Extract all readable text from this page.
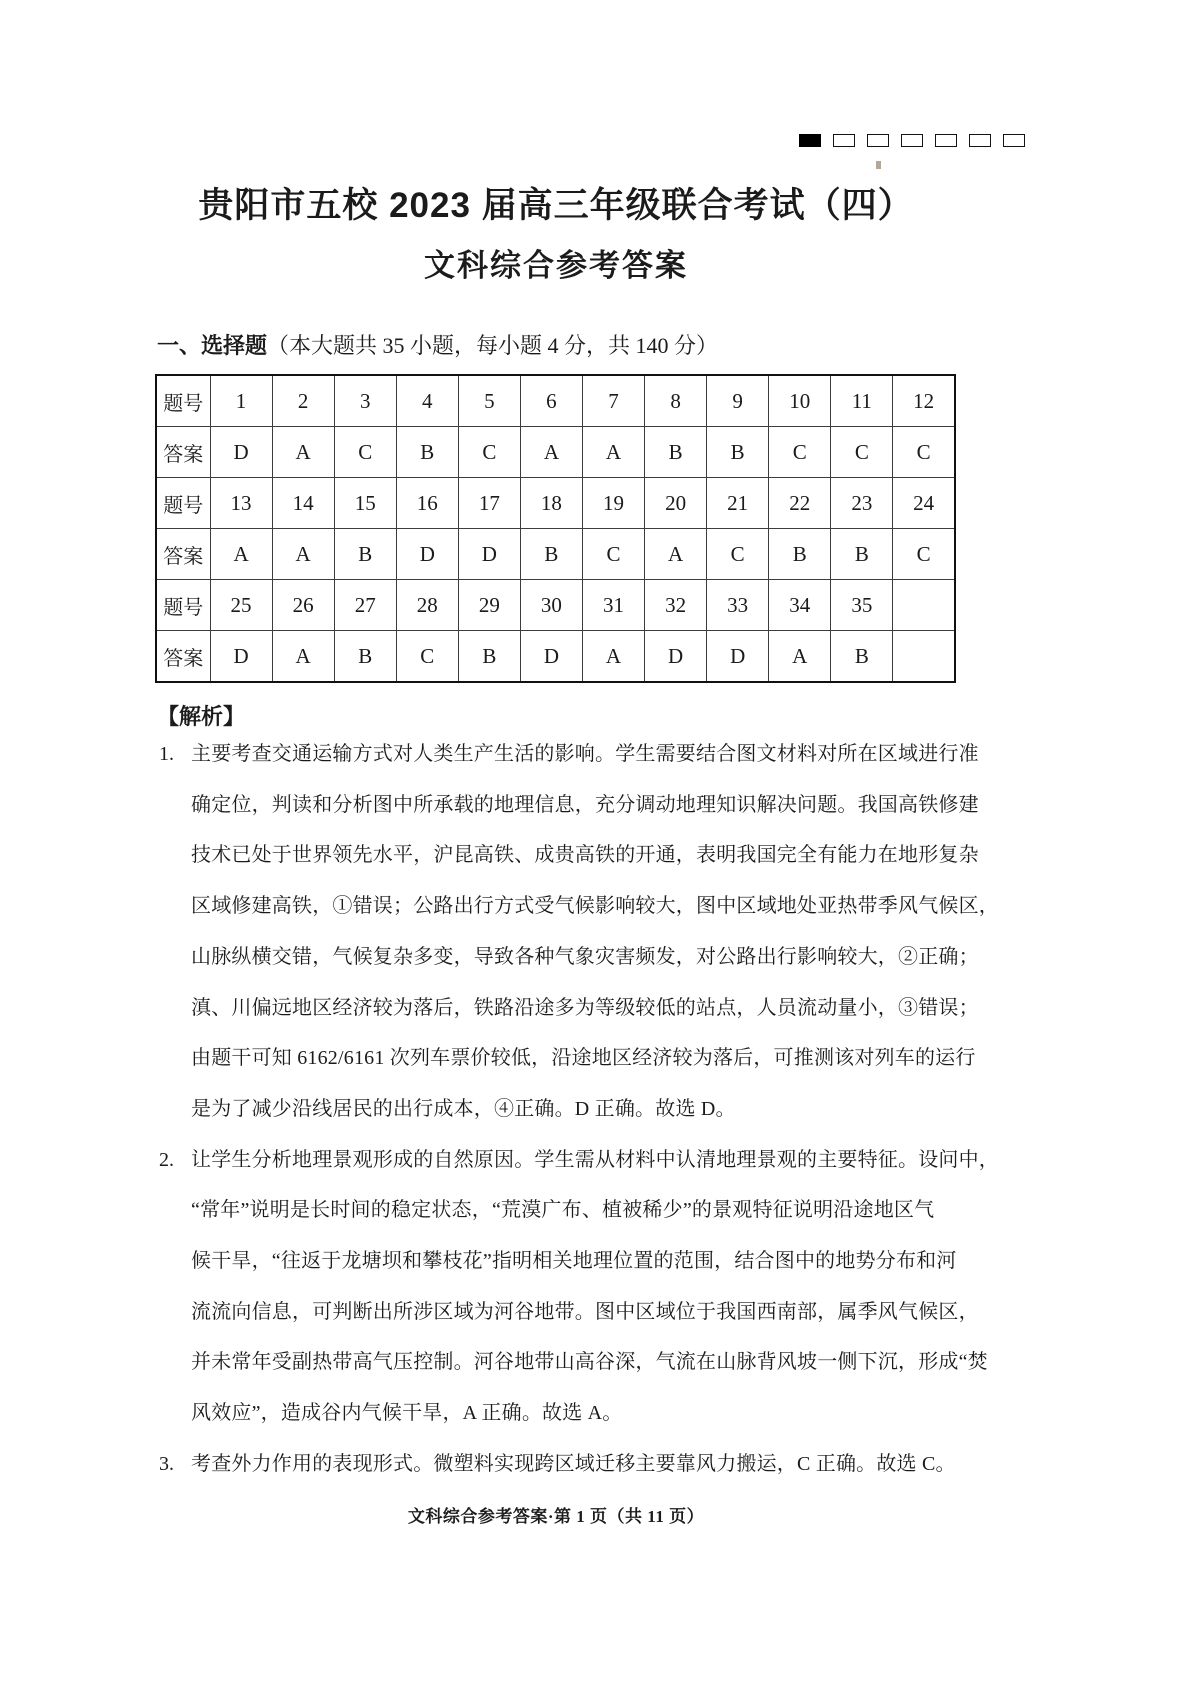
贵阳市五校 2023 届高三年级联合考试（四）
文科综合参考答案
一、选择题（本大题共 35 小题，每小题 4 分，共 140 分）
题号	1	2	3	4	5	6	7	8	9	10	11	12
答案	D	A	C	B	C	A	A	B	B	C	C	C
题号	13	14	15	16	17	18	19	20	21	22	23	24
答案	A	A	B	D	D	B	C	A	C	B	B	C
题号	25	26	27	28	29	30	31	32	33	34	35	
答案	D	A	B	C	B	D	A	D	D	A	B	
【解析】
1. 主要考查交通运输方式对人类生产生活的影响。学生需要结合图文材料对所在区域进行准
确定位，判读和分析图中所承载的地理信息，充分调动地理知识解决问题。我国高铁修建
技术已处于世界领先水平，沪昆高铁、成贵高铁的开通，表明我国完全有能力在地形复杂
区域修建高铁，①错误；公路出行方式受气候影响较大，图中区域地处亚热带季风气候区，
山脉纵横交错，气候复杂多变，导致各种气象灾害频发，对公路出行影响较大，②正确；
滇、川偏远地区经济较为落后，铁路沿途多为等级较低的站点，人员流动量小，③错误；
由题干可知 6162/6161 次列车票价较低，沿途地区经济较为落后，可推测该对列车的运行
是为了减少沿线居民的出行成本，④正确。D 正确。故选 D。
2. 让学生分析地理景观形成的自然原因。学生需从材料中认清地理景观的主要特征。设问中，
“常年”说明是长时间的稳定状态，“荒漠广布、植被稀少”的景观特征说明沿途地区气
候干旱，“往返于龙塘坝和攀枝花”指明相关地理位置的范围，结合图中的地势分布和河
流流向信息，可判断出所涉区域为河谷地带。图中区域位于我国西南部，属季风气候区，
并未常年受副热带高气压控制。河谷地带山高谷深，气流在山脉背风坡一侧下沉，形成“焚
风效应”，造成谷内气候干旱，A 正确。故选 A。
3. 考查外力作用的表现形式。微塑料实现跨区域迁移主要靠风力搬运，C 正确。故选 C。
文科综合参考答案·第 1 页（共 11 页）
